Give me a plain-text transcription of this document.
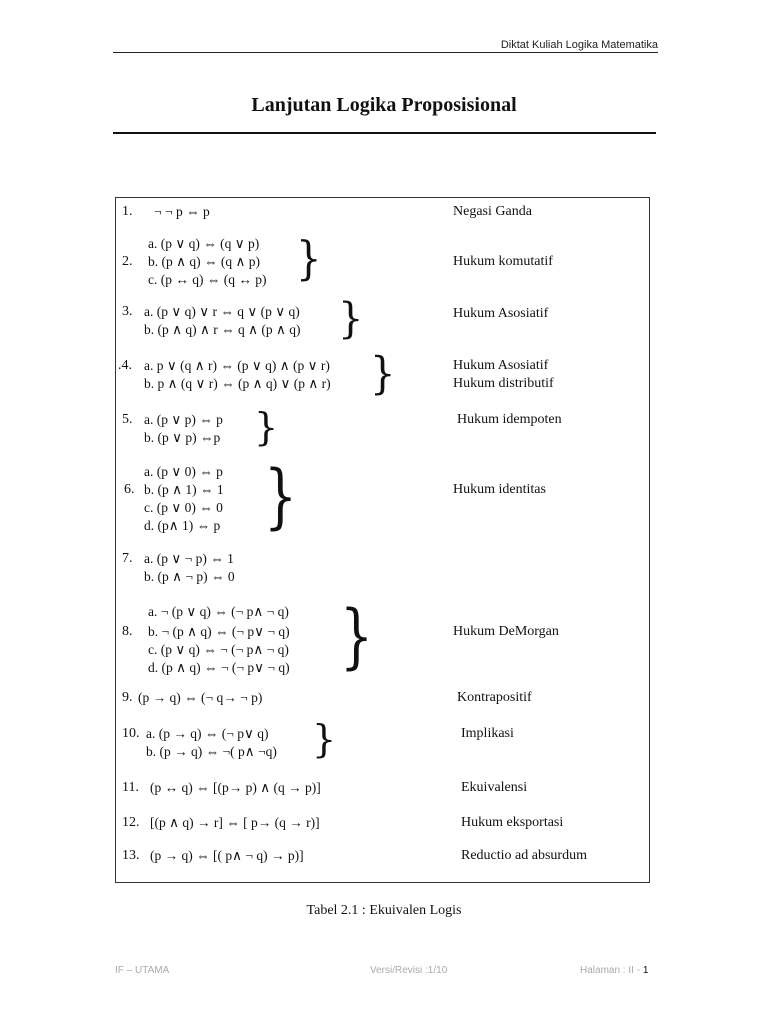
Diktat Kuliah Logika Matematika
Lanjutan Logika Proposisional
1. ¬ ¬ p ⇔ p	Negasi Ganda
a. (p ∨ q) ⇔ (q ∨ p)
2. b. (p ∧ q) ⇔ (q ∧ p)
c. (p ↔ q) ⇔ (q ↔ p) }	Hukum komutatif
3. a. (p ∨ q) ∨ r ⇔ q ∨ (p ∨ q)
b. (p ∧ q) ∧ r ⇔ q ∧ (p ∧ q) }	Hukum Asosiatif
.4. a. p ∨ (q ∧ r) ⇔ (p ∨ q) ∧ (p ∨ r)
b. p ∧ (q ∨ r) ⇔ (p ∧ q) ∨ (p ∧ r) }	Hukum Asosiatif
Hukum distributif
5. a. (p ∨ p) ⇔ p
b. (p ∨ p) ⇔p }	Hukum idempoten
a. (p ∨ 0) ⇔ p
6. b. (p ∧ 1) ⇔ 1
c. (p ∨ 0) ⇔ 0
d. (p∧ 1) ⇔ p }	Hukum identitas
7. a. (p ∨ ¬ p) ⇔ 1
b. (p ∧ ¬ p) ⇔ 0
a. ¬ (p ∨ q) ⇔ (¬ p∧ ¬ q)
8. b. ¬ (p ∧ q) ⇔ (¬ p∨ ¬ q)
c. (p ∨ q) ⇔ ¬ (¬ p∧ ¬ q)
d. (p ∧ q) ⇔ ¬ (¬ p∨ ¬ q) }	Hukum DeMorgan
9. (p → q) ⇔ (¬ q→ ¬ p)	Kontrapositif
10. a. (p → q) ⇔ (¬ p∨ q)
b. (p → q) ⇔ ¬( p∧ ¬q) }	Implikasi
11. (p ↔ q) ⇔ [(p→ p) ∧ (q → p)]	Ekuivalensi
12. [(p ∧ q) → r] ⇔ [ p→ (q → r)]	Hukum eksportasi
13. (p → q) ⇔ [( p∧ ¬ q) → p)]	Reductio ad absurdum
Tabel 2.1 : Ekuivalen Logis
IF – UTAMA	Versi/Revisi :1/10	Halaman : II - 1
